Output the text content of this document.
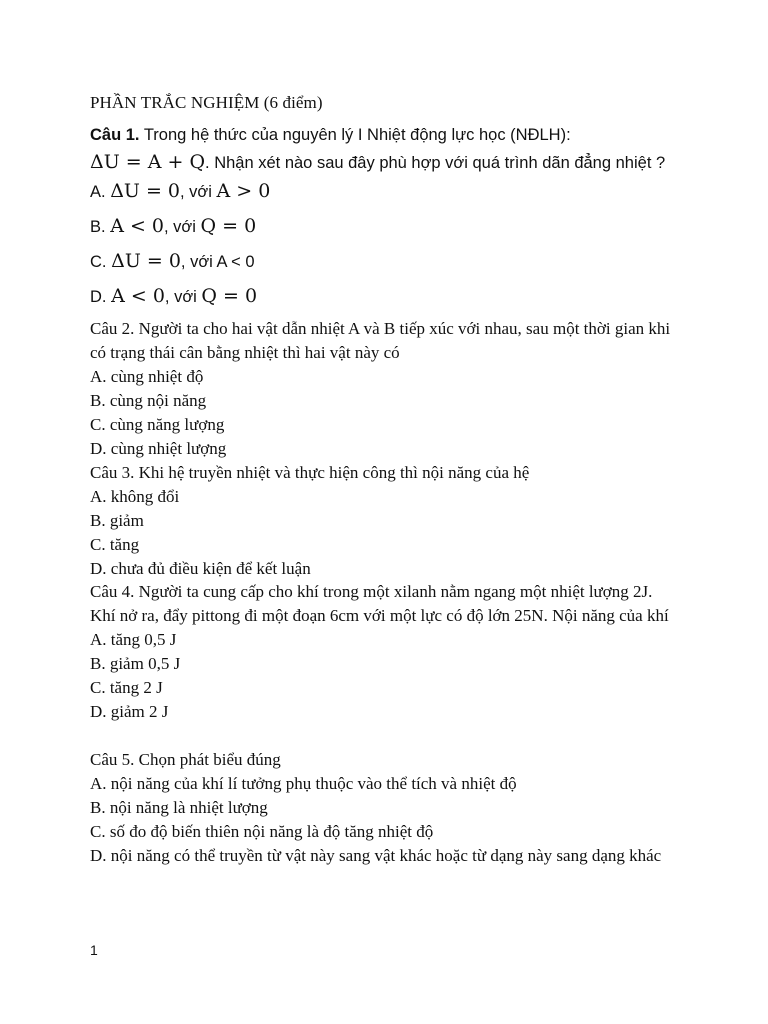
PHẦN TRẮC NGHIỆM (6 điểm)
Câu 1. Trong hệ thức của nguyên lý I Nhiệt động lực học (NĐLH):
ΔU = A + Q. Nhận xét nào sau đây phù hợp với quá trình dãn đẳng nhiệt ?
A. ΔU = 0, với A > 0
B. A < 0, với Q = 0
C. ΔU = 0, với A < 0
D. A < 0, với Q = 0

Câu 2. Người ta cho hai vật dẫn nhiệt A và B tiếp xúc với nhau, sau một thời gian khi có trạng thái cân bằng nhiệt thì hai vật này có

A. cùng nhiệt độ

B. cùng nội năng

C. cùng năng lượng

D. cùng nhiệt lượng

Câu 3. Khi hệ truyền nhiệt và thực hiện công thì nội năng của hệ

A. không đổi

B. giảm

C. tăng

D. chưa đủ điều kiện để kết luận

Câu 4. Người ta cung cấp cho khí trong một xilanh nằm ngang một nhiệt lượng 2J. Khí nở ra, đẩy pittong đi một đoạn 6cm với một lực có độ lớn 25N. Nội năng của khí

A. tăng 0,5 J

B. giảm 0,5 J

C. tăng 2 J

D. giảm 2 J

Câu 5. Chọn phát biểu đúng

A. nội năng của khí lí tưởng phụ thuộc vào thể tích và nhiệt độ

B. nội năng là nhiệt lượng

C. số đo độ biến thiên nội năng là độ tăng nhiệt độ

D. nội năng có thể truyền từ vật này sang vật khác hoặc từ dạng này sang dạng khác

1
